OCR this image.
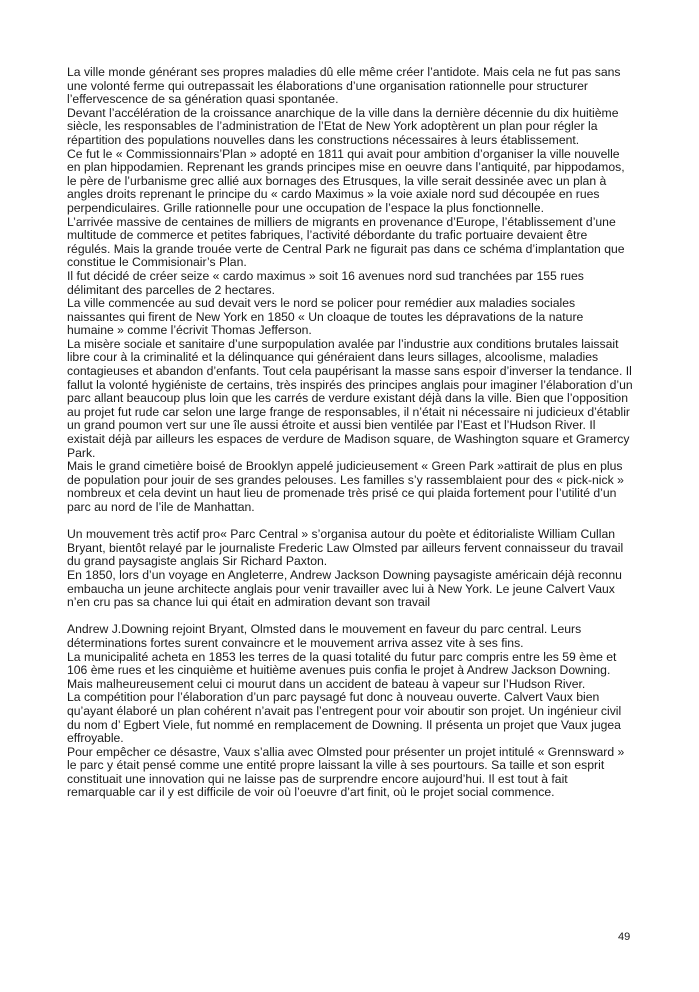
La ville monde générant ses propres maladies dû elle même créer l’antidote. Mais cela ne fut pas sans une volonté ferme qui outrepassait les élaborations d’une organisation rationnelle pour structurer l’effervescence de sa génération quasi spontanée.

Devant l’accélération de la croissance anarchique de la ville dans la dernière décennie du dix huitième siècle, les responsables de l’administration de l’Etat de New York adoptèrent un plan pour régler la répartition des populations nouvelles dans les constructions nécessaires à leurs établissement.

Ce fut le « Commissionnairs’Plan » adopté en 1811 qui avait pour ambition d’organiser la ville nouvelle en plan hippodamien. Reprenant les grands principes mise en oeuvre dans l’antiquité, par hippodamos, le père de l’urbanisme grec allié aux bornages des Etrusques, la ville serait dessinée avec un plan à angles droits reprenant le principe du « cardo Maximus » la voie axiale nord sud découpée en rues perpendiculaires. Grille rationnelle pour une occupation de l’espace la plus fonctionnelle.

L’arrivée massive de centaines de milliers de migrants en provenance d’Europe, l’établissement d’une multitude de commerce et petites fabriques, l’activité débordante du trafic portuaire devaient être régulés. Mais la grande trouée verte de Central Park ne figurait pas dans ce schéma d’implantation que constitue le Commisionair’s Plan.

Il fut décidé de créer seize « cardo maximus » soit 16 avenues nord sud tranchées par 155 rues délimitant des parcelles de 2 hectares.

La ville commencée au sud devait vers le nord se policer pour remédier aux maladies sociales naissantes qui firent de New York en 1850 « Un cloaque de toutes les dépravations de la nature humaine » comme l’écrivit Thomas Jefferson.

La misère sociale et sanitaire d’une surpopulation avalée par l’industrie aux conditions brutales laissait libre cour à la criminalité et la délinquance qui généraient dans leurs sillages, alcoolisme, maladies contagieuses et abandon d’enfants. Tout cela paupérisant la masse sans espoir d’inverser la tendance. Il fallut la volonté hygiéniste de certains, très inspirés des principes anglais pour imaginer l’élaboration d’un parc allant beaucoup plus loin que les carrés de verdure existant déjà dans la ville. Bien que l’opposition au projet fut rude car selon une large frange de responsables, il n’était ni nécessaire ni judicieux d’établir un grand poumon vert sur une île aussi étroite et aussi bien ventilée par l’East et l’Hudson River. Il existait déjà par ailleurs les espaces de verdure de Madison square, de Washington square et Gramercy Park.

Mais le grand cimetière boisé de Brooklyn appelé judicieusement « Green Park »attirait de plus en plus de population pour jouir de ses grandes pelouses. Les familles s’y rassemblaient pour des « pick-nick » nombreux et cela devint un haut lieu de promenade très prisé ce qui plaida fortement pour l’utilité d’un parc au nord de l’ile de Manhattan.

Un mouvement très actif pro« Parc Central » s’organisa autour du poète et éditorialiste William Cullan Bryant, bientôt relayé par le journaliste Frederic Law Olmsted par ailleurs fervent connaisseur du travail du grand paysagiste anglais Sir Richard Paxton.

En 1850, lors d’un voyage en Angleterre, Andrew Jackson Downing paysagiste américain déjà reconnu embaucha un jeune architecte anglais pour venir travailler avec lui à New York. Le jeune Calvert Vaux n’en cru pas sa chance lui qui était en admiration devant son travail

Andrew J.Downing rejoint Bryant, Olmsted dans le mouvement en faveur du parc central. Leurs déterminations fortes surent convaincre et le mouvement arriva assez vite à ses fins.

La municipalité acheta en 1853 les terres de la quasi totalité du futur parc compris entre les 59 ème et 106 ème rues et les cinquième et huitième avenues puis confia le projet à Andrew Jackson Downing.

Mais malheureusement celui ci mourut dans un accident de bateau à vapeur sur l’Hudson River.

La compétition pour l’élaboration d’un parc paysagé fut donc à nouveau ouverte. Calvert Vaux bien qu’ayant élaboré un plan cohérent n’avait pas l’entregent pour voir aboutir son projet. Un ingénieur civil du nom d’ Egbert Viele, fut nommé en remplacement de Downing. Il présenta un projet que Vaux jugea effroyable.

Pour empêcher ce désastre, Vaux s’allia avec Olmsted pour présenter un projet intitulé « Grennsward » le parc y était pensé comme une entité propre laissant la ville à ses pourtours. Sa taille et son esprit constituait une innovation qui ne laisse pas de surprendre encore aujourd’hui. Il est tout à fait remarquable car il y est difficile de voir où l’oeuvre d’art finit, où le projet social commence.

49
